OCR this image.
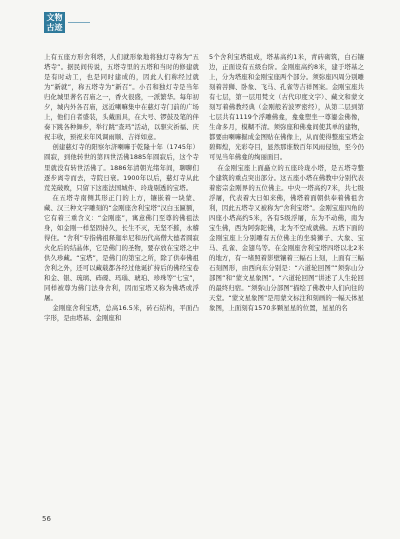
文物
古迹

上有五座方形舍利塔，人们就形象地将独灯寺称为“五塔寺”。据民间传说，五塔寺里的五塔和当时的修建就是有时动工，也是同时建成的，因此人们称经过就为“新就”，称五塔寺为“新召”。小召和独灯寺是当年归化城里著名召庙之一，香火很盛，一派繁华。每年初夕，城内外各召庙，远近喇嘛集中在慈灯寺门前的广场上，他们自者盛装，头戴面具，在大号、锣鼓及笔的伴奏下跳各种舞步，举行跳“查玛”活动，以驱灾祈福、庆祝丰收，预祝来年风调雨顺、吉祥如意。

创建慈灯寺的阳察尔济喇嘛于乾隆十年（1745年）圆寂，到他转世的第四世活佛1885年圆寂后，这个寺里就没有转世活佛了。1886年清朝光绪年间，聊聊们逐步离寺而去，寺院日衰。1900年以后，慈灯寺从此荒芜破败，只留下这座法国城件、玲珑剔透的宝塔。

在五塔寺南侧其形正门的上方，镶嵌着一块蒙、藏、汉三种文字雕刻的“金刚座舍利宝塔”汉白玉匾额，它有着三重含义：“金刚座”，寓意佛门至尊的佛祖法身，如金刚一样坚固持久，长生不灭，无坚不摧，永稽得住。“舍利”专指佛祖释迦牟尼和历代高僧大德者圆寂火化后的结晶体，它是佛门的圣物，要存放在宝塔之中供久珍藏。“宝塔”，是佛门的第宝之所，除了供奉佛祖舍利之外，还可以藏载都各经过他诞扩持后的佛经宝卷和金、银、琉璃、砗磲、玛瑙、琥珀、珍珠等“七宝”，同样被尊为佛门法身舍利，因而宝塔又称为佛塔或浮屠。

金刚座舍利宝塔，总高16.5米，砖石结构，平面凸字形，是由塔基、金刚座和

5个舍利宝塔组成，塔基高约1米，青砖砌筑，白石镶边，正面设有五级台阶。金刚座高约8米，建于塔基之上，分为塔座和金刚宝座两个部分。须弥座四周分别雕刻着菩狮、卧象、飞马、孔雀等吉祥图案。金刚宝座共有七层，第一层用梵文（古代印度文字）、藏文和蒙文刻写着佛教经典（金刚般若波罗密经），从第二层到第七层共有1119个浮雕佛龛，龛龛塑坐一尊鎏金佛像，生命多月，模糊不清。须弥座和佛龛间使其单的建物，都要由喇嘛掘成金图贴在佛像上，从而使得整座宝塔金碧辉煌，光彩夺目，显然那谁数百年风雨侵蚀，至今仍可见当年佛龛的绚丽面目。

在金刚宝座上面矗立的五座玲珑小塔，是五塔寺整个建筑的重点突出部分。这五座小塔在佛教中分别代表着密宗金刚界的五位佛主。中央一塔高约7米，共七级浮屠，代表着大日如来佛，佛塔着面朝供奉着佛祖舍利，因此五塔寺又被称为“舍利宝塔”。金刚宝座四角的四座小塔高约5米，各有5级浮屠，东为不动佛，南为宝生佛，西为阿弥陀佛，北为不空成就佛。五塔下面的金刚宝座上分别雕有五位佛主的坐骑狮子、大象、宝马、孔雀、金翅鸟等。在金刚座舍利宝塔四塔以北2米的地方，有一堵照着影壁镶着三幅石上刻，上面有三幅石刻图形，由西向东分别是：“六道轮回图”“须弥山分部图”和“蒙文星象图”。“六道轮回图”讲述了人生轮回的最终归宿。“须弥山分部图”描绘了佛教中人们向往的天堂。“蒙文星象图”是用蒙文标注和刻画的一幅天体星象图，上面刻有1570多颗星星的位置，星星的名

56
